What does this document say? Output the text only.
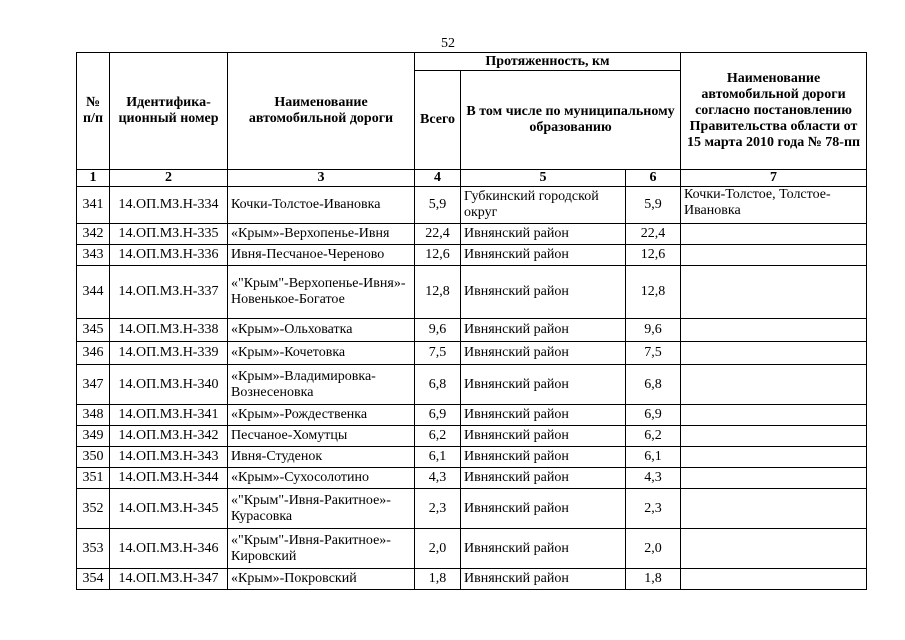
52
№ п/п	Идентифика-ционный номер	Наименование автомобильной дороги	Протяженность, км			Наименование автомобильной дороги согласно постановлению Правительства области от 15 марта 2010 года № 78-пп
			Всего	В том числе по муниципальному образованию		
1	2	3	4	5	6	7
341	14.ОП.МЗ.Н-334	Кочки-Толстое-Ивановка	5,9	Губкинский городской округ	5,9	Кочки-Толстое, Толстое-Ивановка
342	14.ОП.МЗ.Н-335	«Крым»-Верхопенье-Ивня	22,4	Ивнянский район	22,4	
343	14.ОП.МЗ.Н-336	Ивня-Песчаное-Череново	12,6	Ивнянский район	12,6	
344	14.ОП.МЗ.Н-337	«"Крым"-Верхопенье-Ивня»-Новенькое-Богатое	12,8	Ивнянский район	12,8	
345	14.ОП.МЗ.Н-338	«Крым»-Ольховатка	9,6	Ивнянский район	9,6	
346	14.ОП.МЗ.Н-339	«Крым»-Кочетовка	7,5	Ивнянский район	7,5	
347	14.ОП.МЗ.Н-340	«Крым»-Владимировка-Вознесеновка	6,8	Ивнянский район	6,8	
348	14.ОП.МЗ.Н-341	«Крым»-Рождественка	6,9	Ивнянский район	6,9	
349	14.ОП.МЗ.Н-342	Песчаное-Хомутцы	6,2	Ивнянский район	6,2	
350	14.ОП.МЗ.Н-343	Ивня-Студенок	6,1	Ивнянский район	6,1	
351	14.ОП.МЗ.Н-344	«Крым»-Сухосолотино	4,3	Ивнянский район	4,3	
352	14.ОП.МЗ.Н-345	«"Крым"-Ивня-Ракитное»-Курасовка	2,3	Ивнянский район	2,3	
353	14.ОП.МЗ.Н-346	«"Крым"-Ивня-Ракитное»-Кировский	2,0	Ивнянский район	2,0	
354	14.ОП.МЗ.Н-347	«Крым»-Покровский	1,8	Ивнянский район	1,8	
